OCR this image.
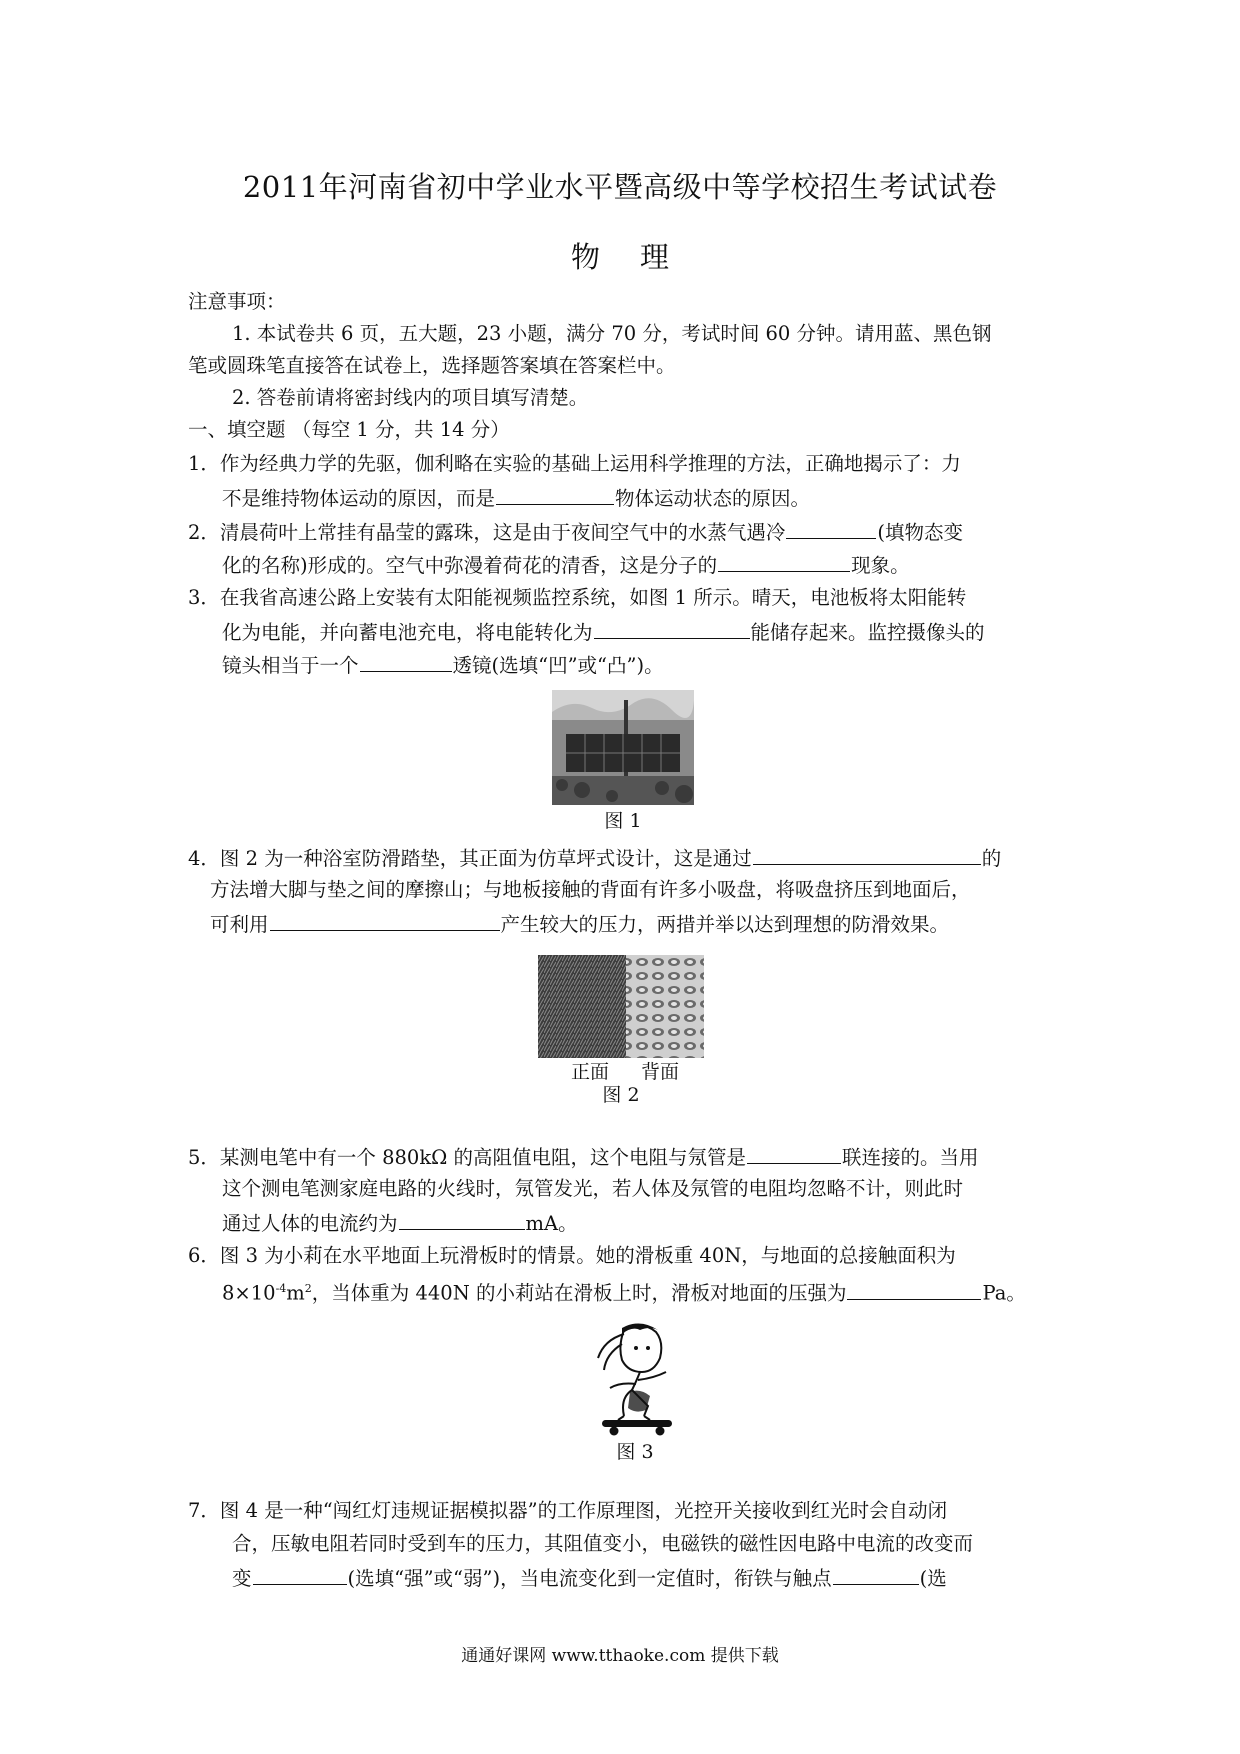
2011年河南省初中学业水平暨高级中等学校招生考试试卷
物理
注意事项：
1. 本试卷共 6 页，五大题，23 小题，满分 70 分，考试时间 60 分钟。请用蓝、黑色钢
笔或圆珠笔直接答在试卷上，选择题答案填在答案栏中。
2. 答卷前请将密封线内的项目填写清楚。
一、填空题 （每空 1 分，共 14 分）
1．作为经典力学的先驱，伽利略在实验的基础上运用科学推理的方法，正确地揭示了：力
不是维持物体运动的原因，而是	物体运动状态的原因。
2．清晨荷叶上常挂有晶莹的露珠，这是由于夜间空气中的水蒸气遇冷	(填物态变
化的名称)形成的。空气中弥漫着荷花的清香，这是分子的	现象。
3．在我省高速公路上安装有太阳能视频监控系统，如图 1 所示。晴天，电池板将太阳能转
化为电能，并向蓄电池充电，将电能转化为	能储存起来。监控摄像头的
镜头相当于一个	透镜(选填“凹”或“凸”)。
图 1
4．图 2 为一种浴室防滑踏垫，其正面为仿草坪式设计，这是通过	的
方法增大脚与垫之间的摩擦山；与地板接触的背面有许多小吸盘，将吸盘挤压到地面后，
可利用	产生较大的压力，两措并举以达到理想的防滑效果。
正面	背面
图 2
5．某测电笔中有一个 880kΩ 的高阻值电阻，这个电阻与氖管是	联连接的。当用
这个测电笔测家庭电路的火线时，氖管发光，若人体及氖管的电阻均忽略不计，则此时
通过人体的电流约为	mA。
6．图 3 为小莉在水平地面上玩滑板时的情景。她的滑板重 40N，与地面的总接触面积为
$8\times 10^{-4}m^2$，当体重为 440N 的小莉站在滑板上时，滑板对地面的压强为	Pa。
图 3
7．图 4 是一种“闯红灯违规证据模拟器”的工作原理图，光控开关接收到红光时会自动闭
合，压敏电阻若同时受到车的压力，其阻值变小，电磁铁的磁性因电路中电流的改变而
变	(选填“强”或“弱”)，当电流变化到一定值时，衔铁与触点	(选
通通好课网 www.tthaoke.com 提供下载
